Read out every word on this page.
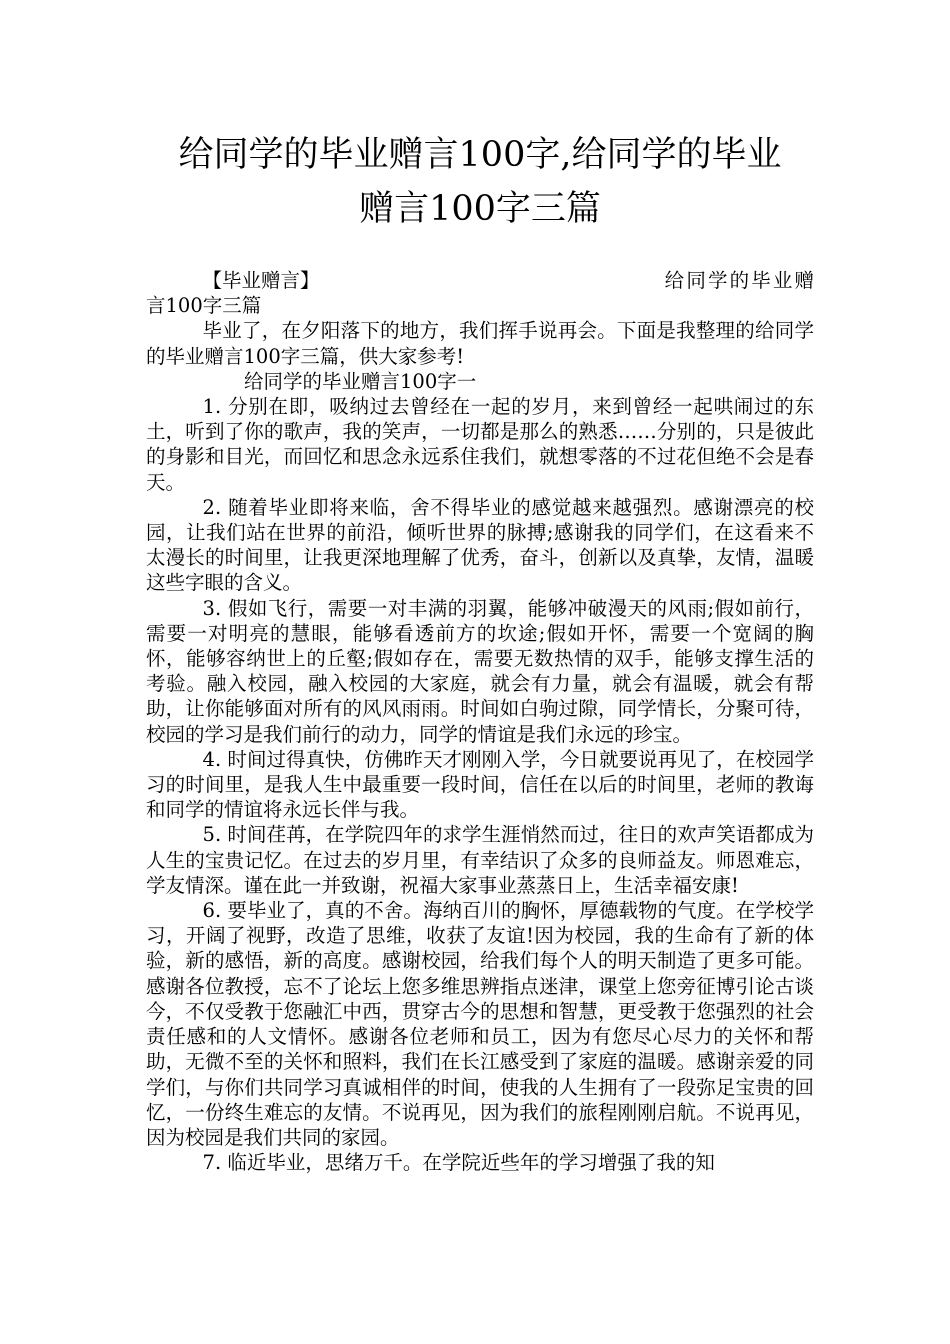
给同学的毕业赠言100字,给同学的毕业赠言100字三篇

【毕业赠言】	给同学的毕业赠言100字三篇

毕业了，在夕阳落下的地方，我们挥手说再会。下面是我整理的给同学的毕业赠言100字三篇，供大家参考!

给同学的毕业赠言100字一

1. 分别在即，吸纳过去曾经在一起的岁月，来到曾经一起哄闹过的东土，听到了你的歌声，我的笑声，一切都是那么的熟悉……分别的，只是彼此的身影和目光，而回忆和思念永远系住我们，就想零落的不过花但绝不会是春天。

2. 随着毕业即将来临，舍不得毕业的感觉越来越强烈。感谢漂亮的校园，让我们站在世界的前沿，倾听世界的脉搏;感谢我的同学们，在这看来不太漫长的时间里，让我更深地理解了优秀，奋斗，创新以及真挚，友情，温暖这些字眼的含义。

3. 假如飞行，需要一对丰满的羽翼，能够冲破漫天的风雨;假如前行，需要一对明亮的慧眼，能够看透前方的坎途;假如开怀，需要一个宽阔的胸怀，能够容纳世上的丘壑;假如存在，需要无数热情的双手，能够支撑生活的考验。融入校园，融入校园的大家庭，就会有力量，就会有温暖，就会有帮助，让你能够面对所有的风风雨雨。时间如白驹过隙，同学情长，分聚可待，校园的学习是我们前行的动力，同学的情谊是我们永远的珍宝。

4. 时间过得真快，仿佛昨天才刚刚入学，今日就要说再见了，在校园学习的时间里，是我人生中最重要一段时间，信任在以后的时间里，老师的教诲和同学的情谊将永远长伴与我。

5. 时间荏苒，在学院四年的求学生涯悄然而过，往日的欢声笑语都成为人生的宝贵记忆。在过去的岁月里，有幸结识了众多的良师益友。师恩难忘，学友情深。谨在此一并致谢，祝福大家事业蒸蒸日上，生活幸福安康!

6. 要毕业了，真的不舍。海纳百川的胸怀，厚德载物的气度。在学校学习，开阔了视野，改造了思维，收获了友谊!因为校园，我的生命有了新的体验，新的感悟，新的高度。感谢校园，给我们每个人的明天制造了更多可能。感谢各位教授，忘不了论坛上您多维思辨指点迷津，课堂上您旁征博引论古谈今，不仅受教于您融汇中西，贯穿古今的思想和智慧，更受教于您强烈的社会责任感和的人文情怀。感谢各位老师和员工，因为有您尽心尽力的关怀和帮助，无微不至的关怀和照料，我们在长江感受到了家庭的温暖。感谢亲爱的同学们，与你们共同学习真诚相伴的时间，使我的人生拥有了一段弥足宝贵的回忆，一份终生难忘的友情。不说再见，因为我们的旅程刚刚启航。不说再见，因为校园是我们共同的家园。

7. 临近毕业，思绪万千。在学院近些年的学习增强了我的知
